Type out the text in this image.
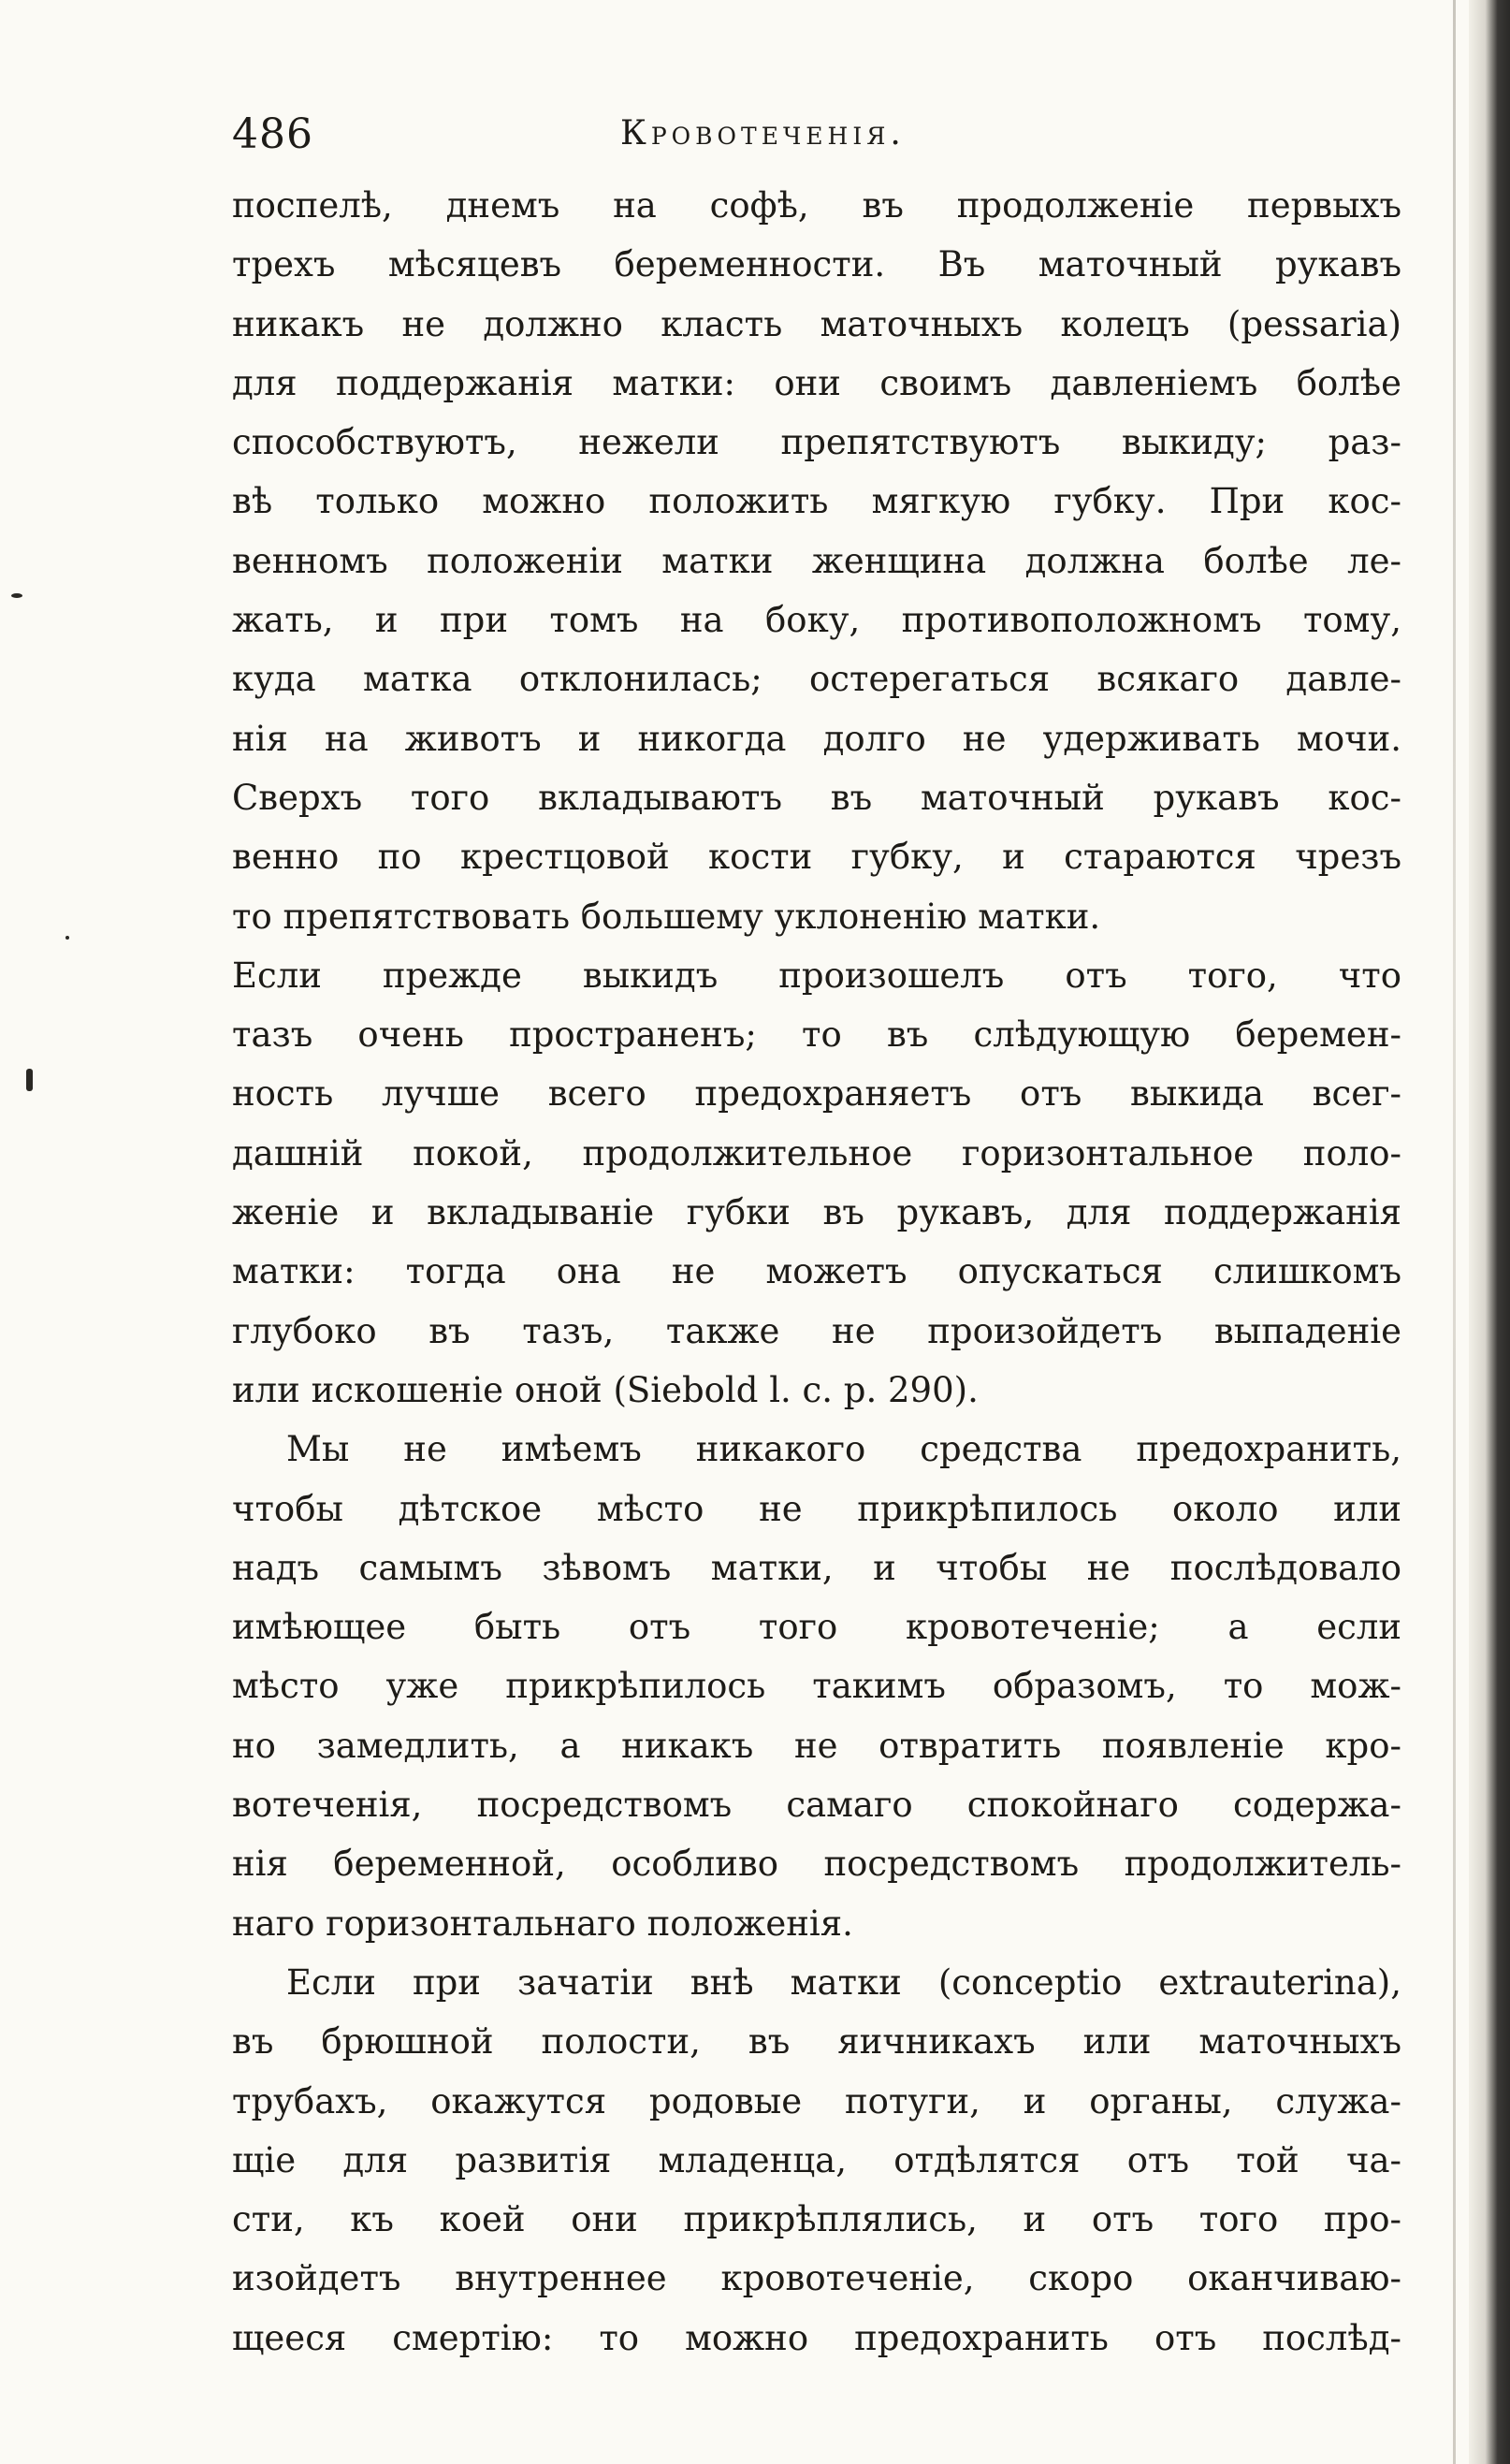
486	Кровотеченія.
поспелѣ, днемъ на софѣ, въ продолженіе первыхъ
трехъ мѣсяцевъ беременности. Въ маточный рукавъ
никакъ не должно класть маточныхъ колецъ (pessaria)
для поддержанія матки: они своимъ давленіемъ болѣе
способствуютъ, нежели препятствуютъ выкиду; раз-
вѣ только можно положить мягкую губку. При кос-
венномъ положеніи матки женщина должна болѣе ле-
жать, и при томъ на боку, противоположномъ тому,
куда матка отклонилась; остерегаться всякаго давле-
нія на животъ и никогда долго не удерживать мочи.
Сверхъ того вкладываютъ въ маточный рукавъ кос-
венно по крестцовой кости губку, и стараются чрезъ
то препятствовать большему уклоненію матки.
Если прежде выкидъ произошелъ отъ того, что
тазъ очень пространенъ; то въ слѣдующую беремен-
ность лучше всего предохраняетъ отъ выкида всег-
дашній покой, продолжительное горизонтальное поло-
женіе и вкладываніе губки въ рукавъ, для поддержанія
матки: тогда она не можетъ опускаться слишкомъ
глубоко въ тазъ, также не произойдетъ выпаденіе
или искошеніе оной (Siebold l. c. p. 290).
Мы не имѣемъ никакого средства предохранить,
чтобы дѣтское мѣсто не прикрѣпилось около или
надъ самымъ зѣвомъ матки, и чтобы не послѣдовало
имѣющее быть отъ того кровотеченіе; а если
мѣсто уже прикрѣпилось такимъ образомъ, то мож-
но замедлить, а никакъ не отвратить появленіе кро-
вотеченія, посредствомъ самаго спокойнаго содержа-
нія беременной, особливо посредствомъ продолжитель-
наго горизонтальнаго положенія.
Если при зачатіи внѣ матки (conceptio extrauterina),
въ брюшной полости, въ яичникахъ или маточныхъ
трубахъ, окажутся родовые потуги, и органы, служа-
щіе для развитія младенца, отдѣлятся отъ той ча-
сти, къ коей они прикрѣплялись, и отъ того про-
изойдетъ внутреннее кровотеченіе, скоро оканчиваю-
щееся смертію: то можно предохранить отъ послѣд-
